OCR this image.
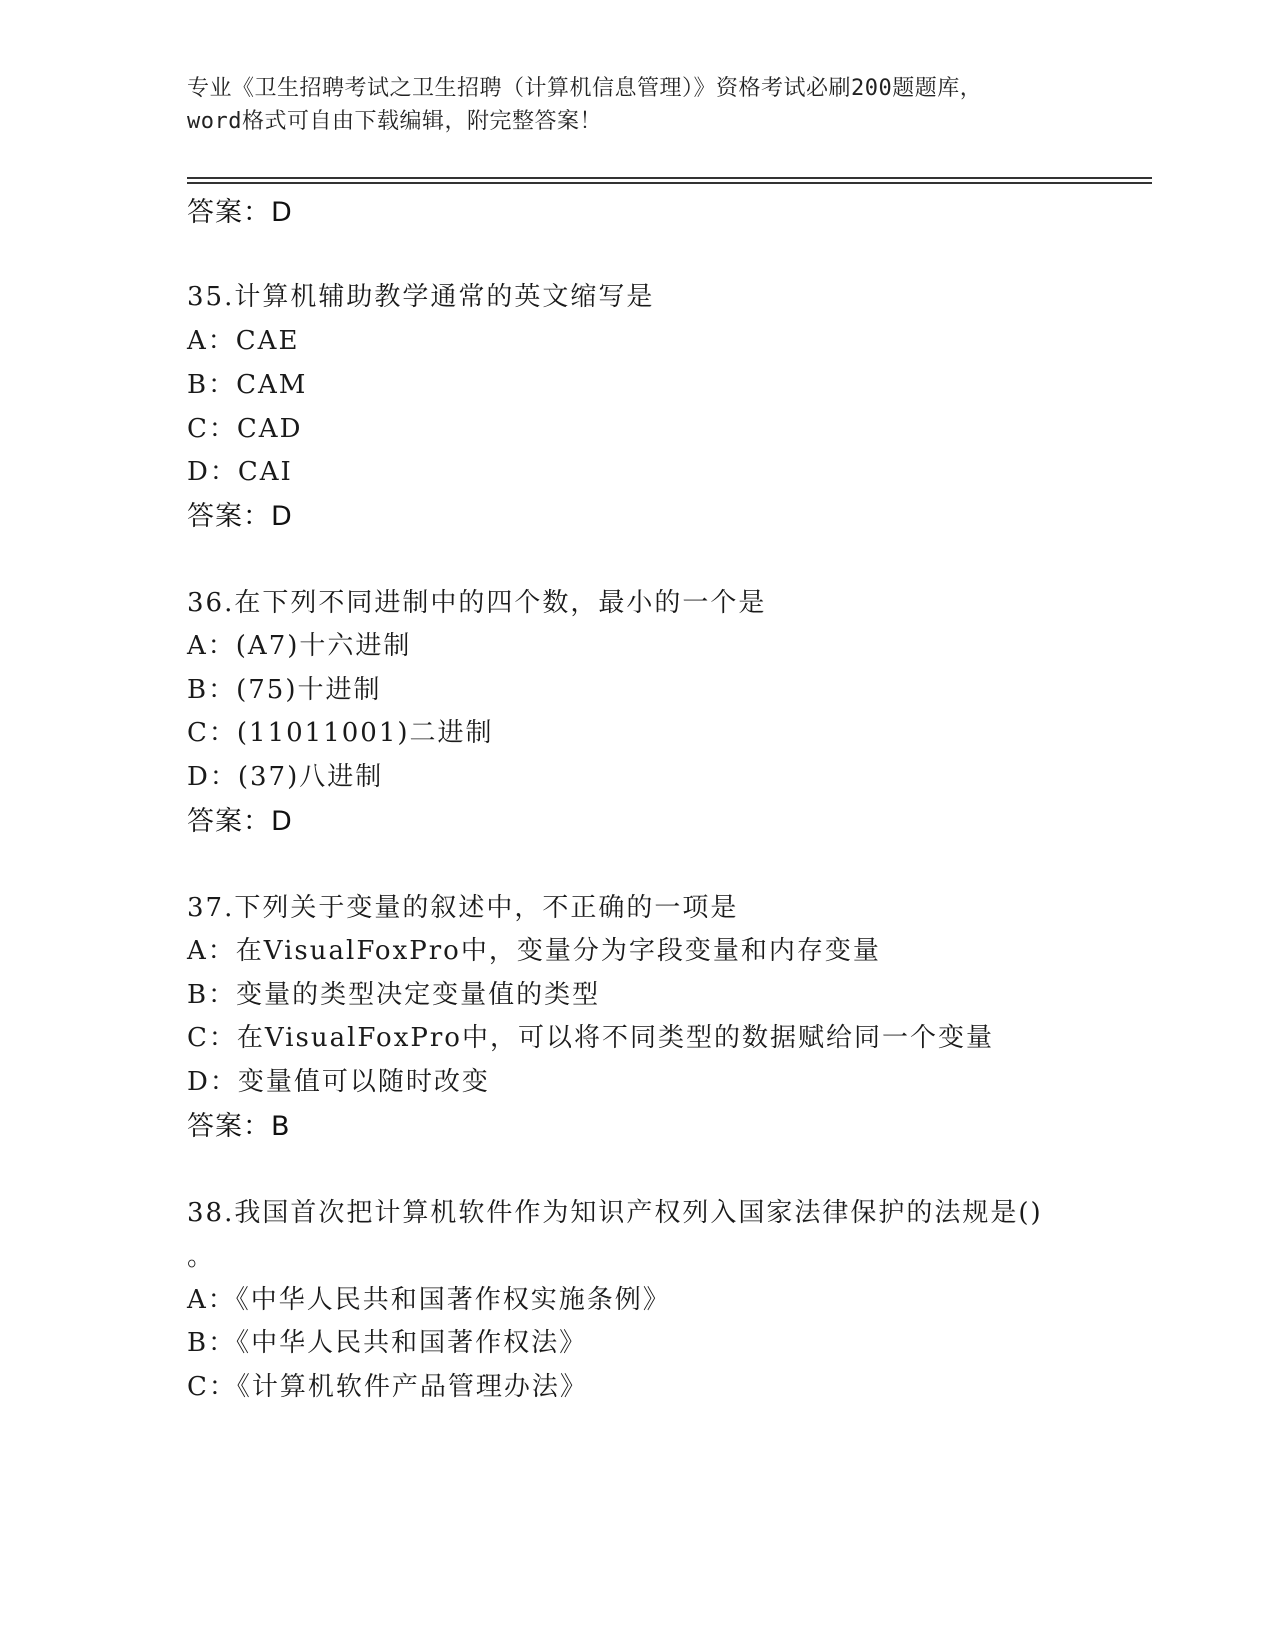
专业《卫生招聘考试之卫生招聘（计算机信息管理）》资格考试必刷200题题库，
word格式可自由下载编辑，附完整答案！
答案：D
35.计算机辅助教学通常的英文缩写是
A：CAE
B：CAM
C：CAD
D：CAI
答案：D
36.在下列不同进制中的四个数，最小的一个是
A：(A7)十六进制
B：(75)十进制
C：(11011001)二进制
D：(37)八进制
答案：D
37.下列关于变量的叙述中，不正确的一项是
A：在VisualFoxPro中，变量分为字段变量和内存变量
B：变量的类型决定变量值的类型
C：在VisualFoxPro中，可以将不同类型的数据赋给同一个变量
D：变量值可以随时改变
答案：B
38.我国首次把计算机软件作为知识产权列入国家法律保护的法规是()
。
A：《中华人民共和国著作权实施条例》
B：《中华人民共和国著作权法》
C：《计算机软件产品管理办法》
